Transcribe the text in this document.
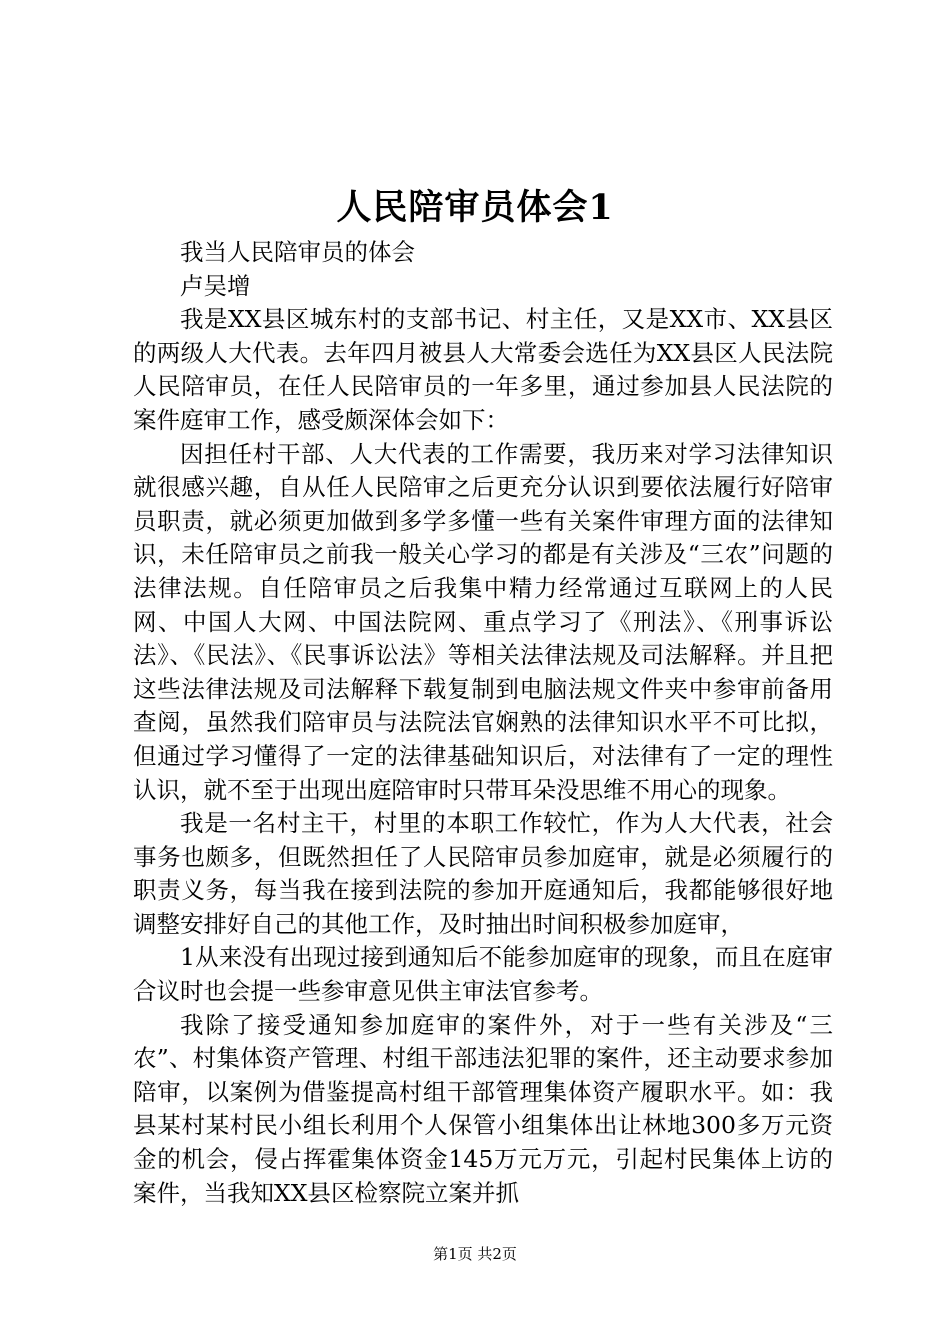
人民陪审员体会1

我当人民陪审员的体会

卢吴增

我是XX县区城东村的支部书记、村主任，又是XX市、XX县区的两级人大代表。去年四月被县人大常委会选任为XX县区人民法院人民陪审员，在任人民陪审员的一年多里，通过参加县人民法院的案件庭审工作，感受颇深体会如下：

因担任村干部、人大代表的工作需要，我历来对学习法律知识就很感兴趣，自从任人民陪审之后更充分认识到要依法履行好陪审员职责，就必须更加做到多学多懂一些有关案件审理方面的法律知识，未任陪审员之前我一般关心学习的都是有关涉及“三农”问题的法律法规。自任陪审员之后我集中精力经常通过互联网上的人民网、中国人大网、中国法院网、重点学习了《刑法》、《刑事诉讼法》、《民法》、《民事诉讼法》等相关法律法规及司法解释。并且把这些法律法规及司法解释下载复制到电脑法规文件夹中参审前备用查阅，虽然我们陪审员与法院法官娴熟的法律知识水平不可比拟，但通过学习懂得了一定的法律基础知识后，对法律有了一定的理性认识，就不至于出现出庭陪审时只带耳朵没思维不用心的现象。

我是一名村主干，村里的本职工作较忙，作为人大代表，社会事务也颇多，但既然担任了人民陪审员参加庭审，就是必须履行的职责义务，每当我在接到法院的参加开庭通知后，我都能够很好地调整安排好自己的其他工作，及时抽出时间积极参加庭审，

1从来没有出现过接到通知后不能参加庭审的现象，而且在庭审合议时也会提一些参审意见供主审法官参考。

我除了接受通知参加庭审的案件外，对于一些有关涉及“三农”、村集体资产管理、村组干部违法犯罪的案件，还主动要求参加陪审，以案例为借鉴提高村组干部管理集体资产履职水平。如：我县某村某村民小组长利用个人保管小组集体出让林地300多万元资金的机会，侵占挥霍集体资金145万元万元，引起村民集体上访的案件，当我知XX县区检察院立案并抓

第1页 共2页
